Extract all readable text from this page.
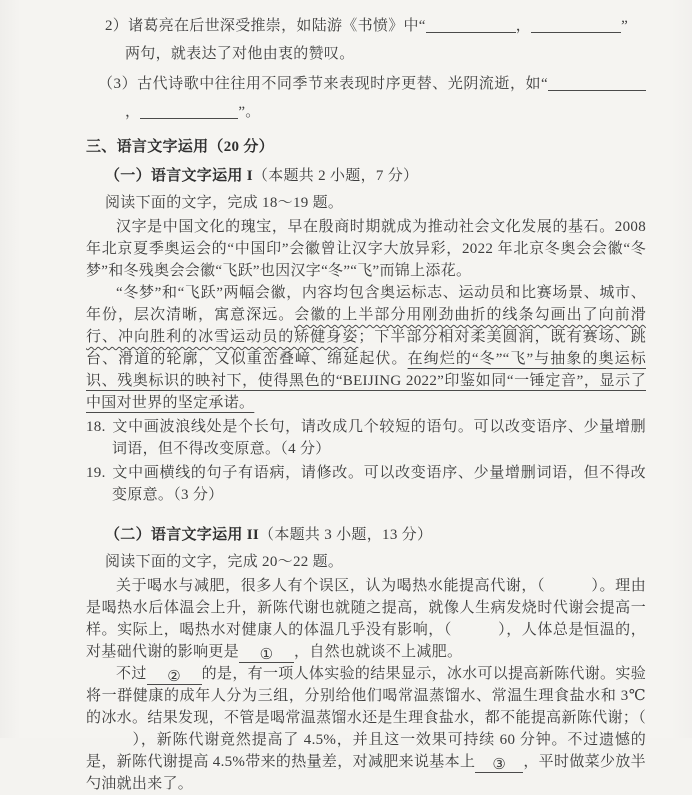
2）诸葛亮在后世深受推崇，如陆游《书愤》中“	，	”
两句，就表达了对他由衷的赞叹。

（3）古代诗歌中往往用不同季节来表现时序更替、光阴流逝，如“，	”。

三、语言文字运用（20 分）

（一）语言文字运用 I（本题共 2 小题，7 分）

阅读下面的文字，完成 18～19 题。

汉字是中国文化的瑰宝，早在殷商时期就成为推动社会文化发展的基石。2008 年北京夏季奥运会的“中国印”会徽曾让汉字大放异彩，2022 年北京冬奥会会徽“冬梦”和冬残奥会会徽“飞跃”也因汉字“冬”“飞”而锦上添花。

“冬梦”和“飞跃”两幅会徽，内容均包含奥运标志、运动员和比赛场景、城市、年份，层次清晰，寓意深远。会徽的上半部分用刚劲曲折的线条勾画出了向前滑行、冲向胜利的冰雪运动员的矫健身姿；下半部分相对柔美圆润，既有赛场、跳台、滑道的轮廓，又似重峦叠嶂、绵延起伏。在绚烂的“冬”“飞”与抽象的奥运标识、残奥标识的映衬下，使得黑色的“BEIJING 2022”印鉴如同“一锤定音”，显示了中国对世界的坚定承诺。

18. 文中画波浪线处是个长句，请改成几个较短的语句。可以改变语序、少量增删词语，但不得改变原意。（4 分）

19. 文中画横线的句子有语病，请修改。可以改变语序、少量增删词语，但不得改变原意。（3 分）

（二）语言文字运用 II（本题共 3 小题，13 分）

阅读下面的文字，完成 20～22 题。

关于喝水与减肥，很多人有个误区，认为喝热水能提高代谢，（	）。理由是喝热水后体温会上升，新陈代谢也就随之提高，就像人生病发烧时代谢会提高一样。实际上，喝热水对健康人的体温几乎没有影响，（	），人体总是恒温的，对基础代谢的影响更是 ① ，自然也就谈不上减肥。

不过 ② 的是，有一项人体实验的结果显示，冰水可以提高新陈代谢。实验将一群健康的成年人分为三组，分别给他们喝常温蒸馏水、常温生理食盐水和 3℃的冰水。结果发现，不管是喝常温蒸馏水还是生理食盐水，都不能提高新陈代谢；（），新陈代谢竟然提高了 4.5%，并且这一效果可持续 60 分钟。不过遗憾的是，新陈代谢提高 4.5%带来的热量差，对减肥来说基本上 ③ ，平时做菜少放半勺油就出来了。
